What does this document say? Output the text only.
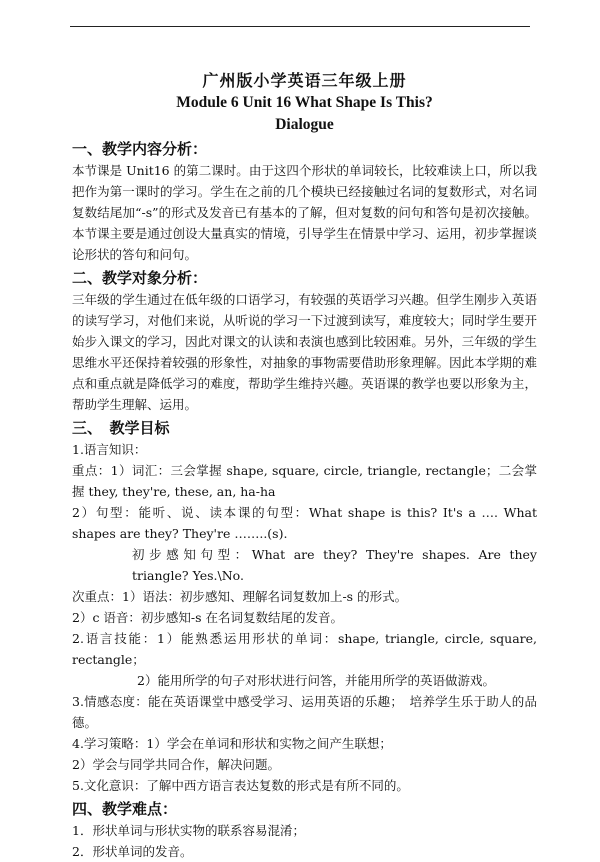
广州版小学英语三年级上册

Module 6 Unit 16 What Shape Is This?

Dialogue

一、教学内容分析：

本节课是 Unit16 的第二课时。由于这四个形状的单词较长，比较难读上口，所以我把作为第一课时的学习。学生在之前的几个模块已经接触过名词的复数形式，对名词复数结尾加“-s”的形式及发音已有基本的了解，但对复数的问句和答句是初次接触。本节课主要是通过创设大量真实的情境，引导学生在情景中学习、运用，初步掌握谈论形状的答句和问句。

二、教学对象分析：

三年级的学生通过在低年级的口语学习，有较强的英语学习兴趣。但学生刚步入英语的读写学习，对他们来说，从听说的学习一下过渡到读写，难度较大；同时学生要开始步入课文的学习，因此对课文的认读和表演也感到比较困难。另外，三年级的学生思维水平还保持着较强的形象性，对抽象的事物需要借助形象理解。因此本学期的难点和重点就是降低学习的难度，帮助学生维持兴趣。英语课的教学也要以形象为主，帮助学生理解、运用。

三、　教学目标

1.语言知识：

重点：1）词汇：三会掌握 shape, square, circle, triangle, rectangle；二会掌握 they, they're, these, an, ha-ha

2）句型：能听、说、读本课的句型：What shape is this? It's a …. What shapes are they? They're ……..(s).

初步感知句型：What are they? They're shapes. Are they triangle? Yes.\No.

次重点：1）语法：初步感知、理解名词复数加上-s 的形式。

2）c 语音：初步感知-s 在名词复数结尾的发音。

2.语言技能：1）能熟悉运用形状的单词：shape, triangle, circle, square, rectangle；

2）能用所学的句子对形状进行问答，并能用所学的英语做游戏。

3.情感态度：能在英语课堂中感受学习、运用英语的乐趣；　培养学生乐于助人的品德。

4.学习策略：1）学会在单词和形状和实物之间产生联想；

2）学会与同学共同合作，解决问题。

5.文化意识：了解中西方语言表达复数的形式是有所不同的。

四、教学难点：

1．形状单词与形状实物的联系容易混淆；

2．形状单词的发音。
